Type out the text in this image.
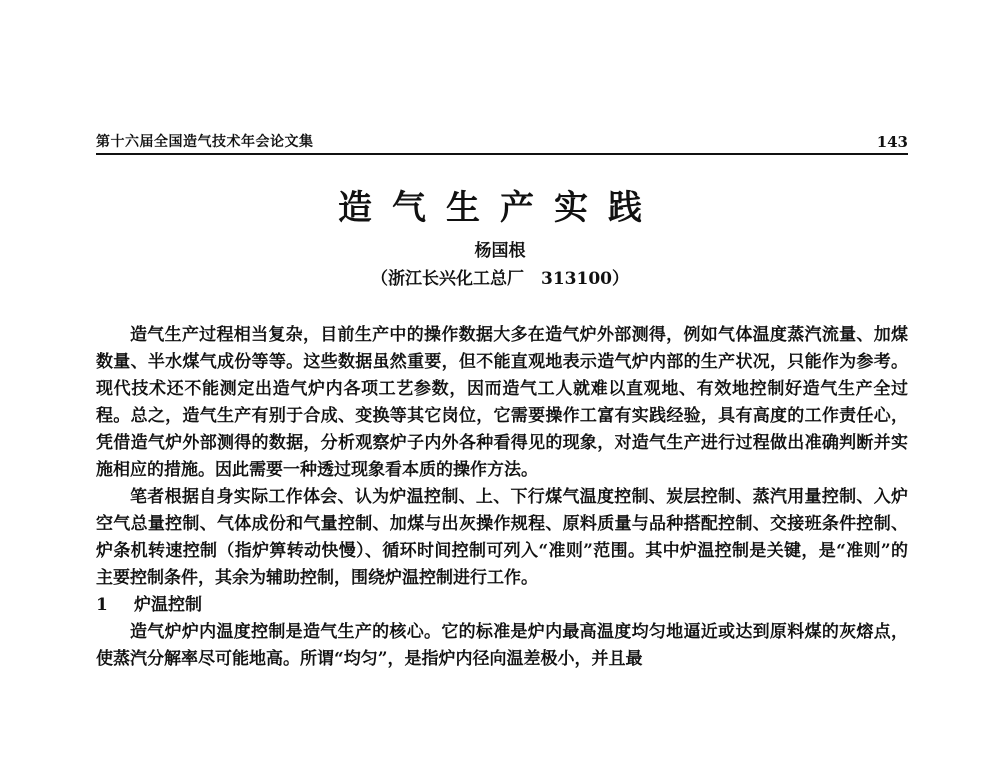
第十六届全国造气技术年会论文集	143
造气生产实践
杨国根
（浙江长兴化工总厂　313100）

造气生产过程相当复杂，目前生产中的操作数据大多在造气炉外部测得，例如气体温度蒸汽流量、加煤数量、半水煤气成份等等。这些数据虽然重要，但不能直观地表示造气炉内部的生产状况，只能作为参考。现代技术还不能测定出造气炉内各项工艺参数，因而造气工人就难以直观地、有效地控制好造气生产全过程。总之，造气生产有别于合成、变换等其它岗位，它需要操作工富有实践经验，具有高度的工作责任心，凭借造气炉外部测得的数据，分析观察炉子内外各种看得见的现象，对造气生产进行过程做出准确判断并实施相应的措施。因此需要一种透过现象看本质的操作方法。

笔者根据自身实际工作体会、认为炉温控制、上、下行煤气温度控制、炭层控制、蒸汽用量控制、入炉空气总量控制、气体成份和气量控制、加煤与出灰操作规程、原料质量与品种搭配控制、交接班条件控制、炉条机转速控制（指炉箅转动快慢）、循环时间控制可列入“准则”范围。其中炉温控制是关键，是“准则”的主要控制条件，其余为辅助控制，围绕炉温控制进行工作。

1 炉温控制

造气炉炉内温度控制是造气生产的核心。它的标准是炉内最高温度均匀地逼近或达到原料煤的灰熔点，使蒸汽分解率尽可能地高。所谓“均匀”，是指炉内径向温差极小，并且最
